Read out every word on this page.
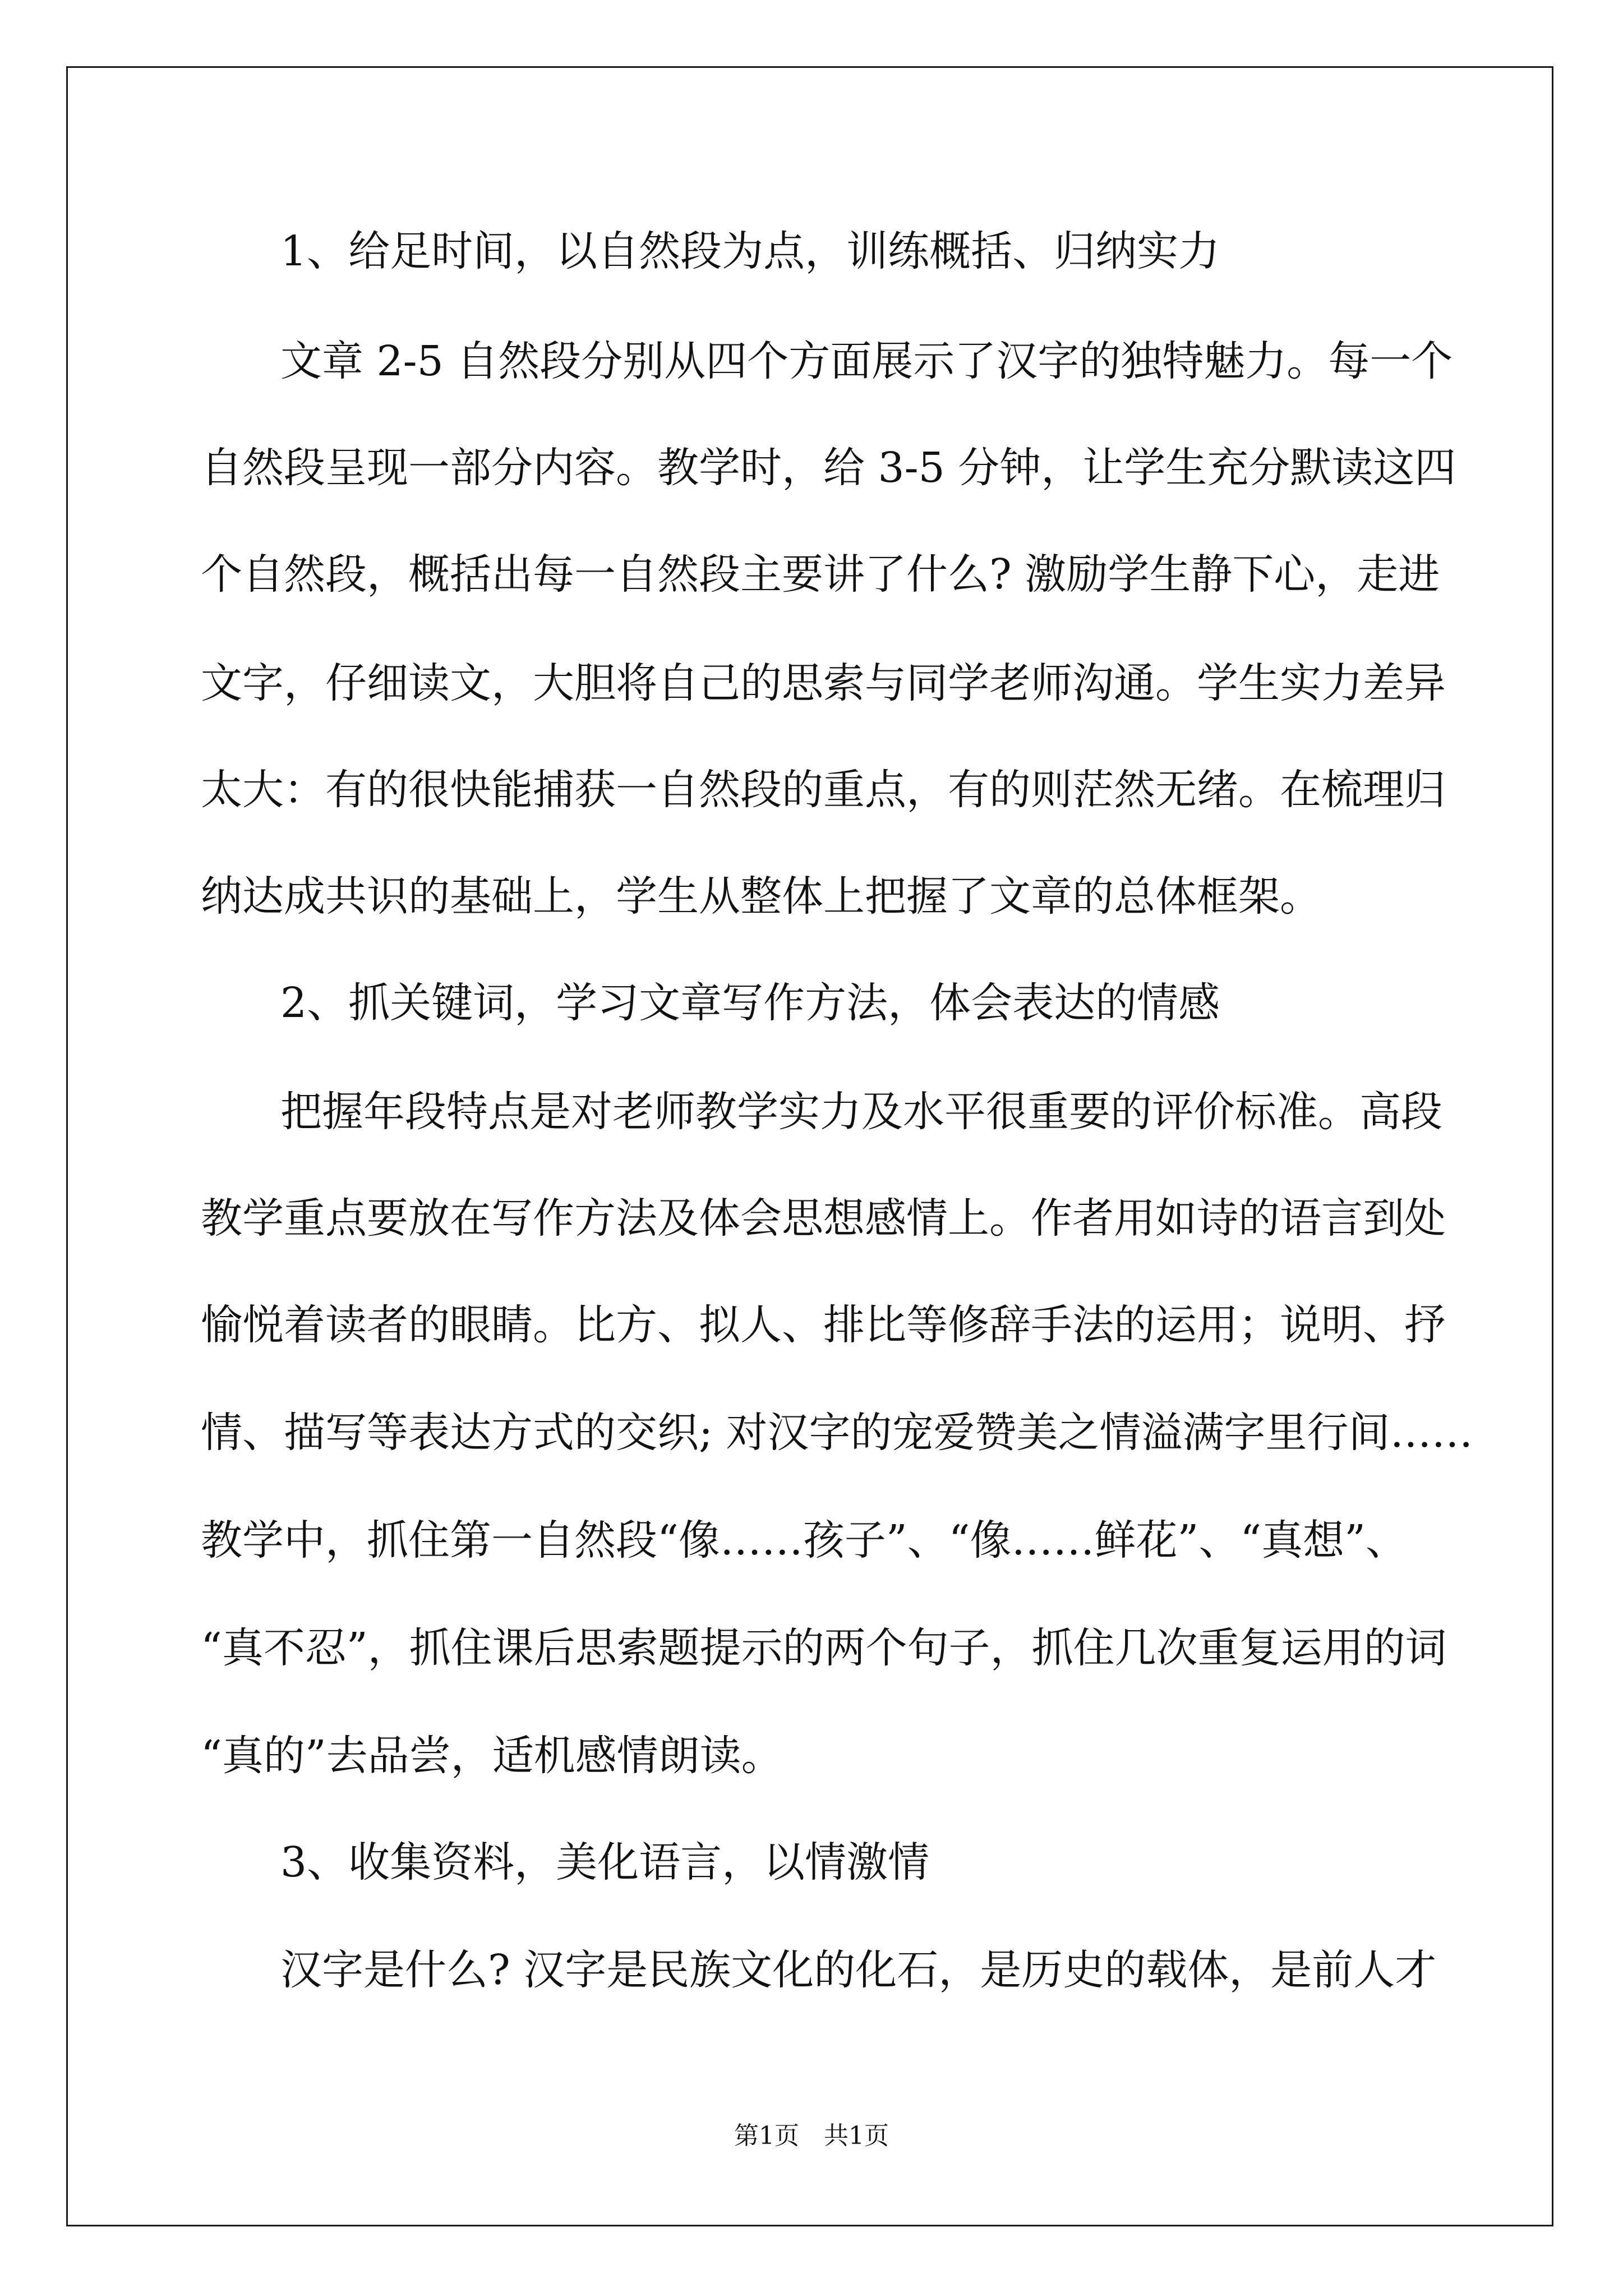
1、给足时间，以自然段为点，训练概括、归纳实力

文章 2-5 自然段分别从四个方面展示了汉字的独特魅力。每一个

自然段呈现一部分内容。教学时，给 3-5 分钟，让学生充分默读这四

个自然段，概括出每一自然段主要讲了什么? 激励学生静下心，走进

文字，仔细读文，大胆将自己的思索与同学老师沟通。学生实力差异

太大：有的很快能捕获一自然段的重点，有的则茫然无绪。在梳理归

纳达成共识的基础上，学生从整体上把握了文章的总体框架。

2、抓关键词，学习文章写作方法，体会表达的情感

把握年段特点是对老师教学实力及水平很重要的评价标准。高段

教学重点要放在写作方法及体会思想感情上。作者用如诗的语言到处

愉悦着读者的眼睛。比方、拟人、排比等修辞手法的运用；说明、抒

情、描写等表达方式的交织; 对汉字的宠爱赞美之情溢满字里行间……

教学中，抓住第一自然段“像……孩子”、“像……鲜花”、“真想”、

“真不忍”，抓住课后思索题提示的两个句子，抓住几次重复运用的词

“真的”去品尝，适机感情朗读。

3、收集资料，美化语言，以情激情

汉字是什么? 汉字是民族文化的化石，是历史的载体，是前人才

第1页　共1页
